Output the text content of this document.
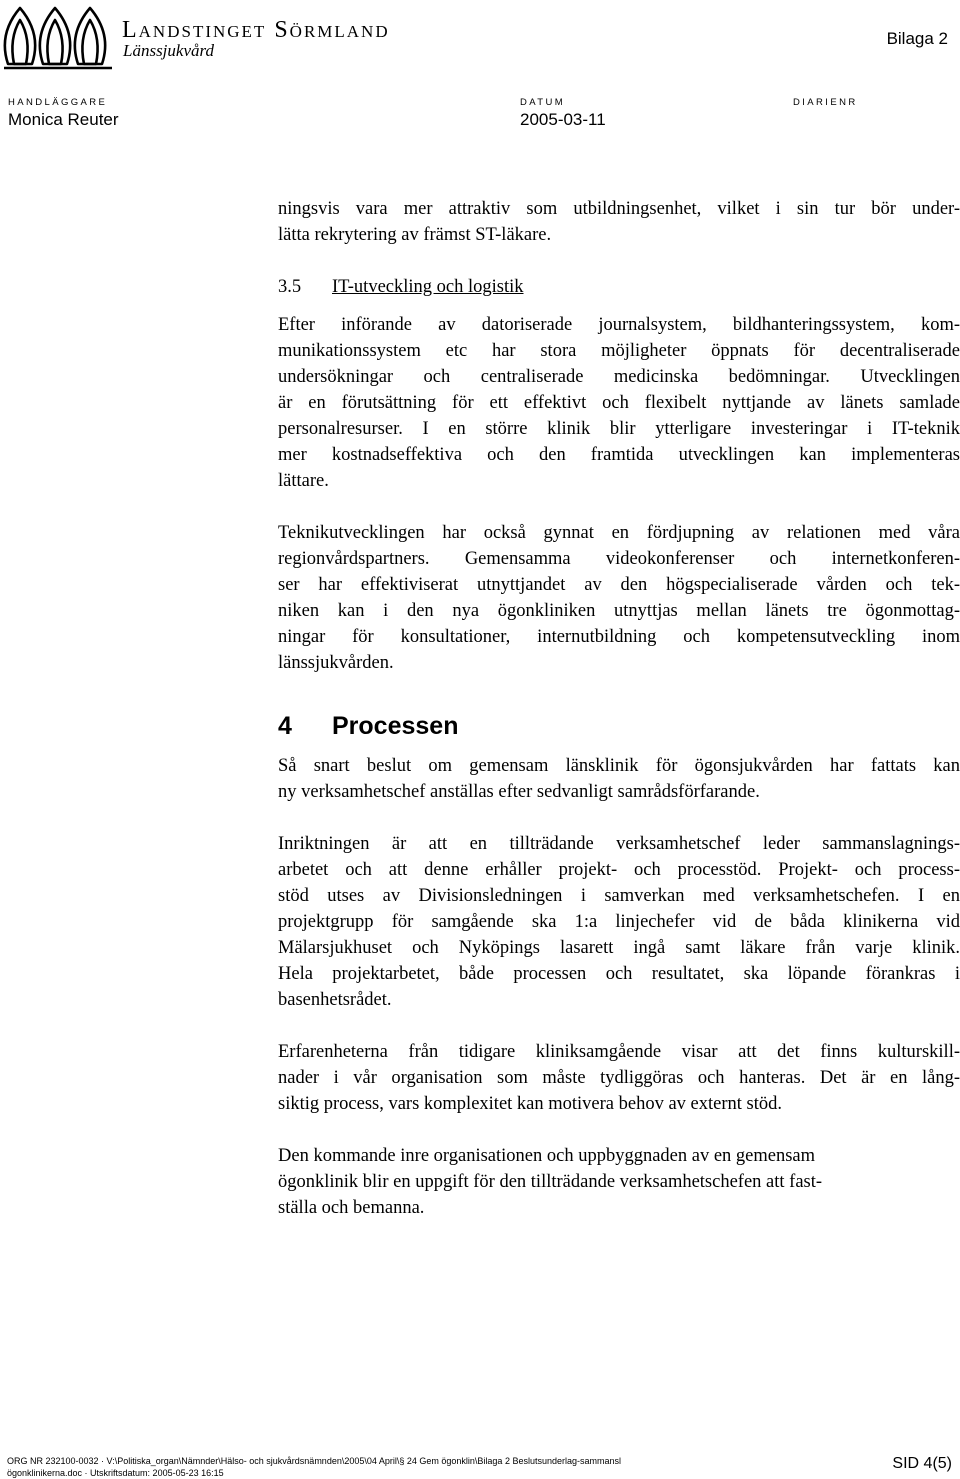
Landstinget Sörmland
Länssjukvård
Bilaga 2
HANDLÄGGARE
Monica Reuter
DATUM
2005-03-11
DIARIENR

ningsvis vara mer attraktiv som utbildningsenhet, vilket i sin tur bör under-
lätta rekrytering av främst ST-läkare.

3.5 IT-utveckling och logistik

Efter införande av datoriserade journalsystem, bildhanteringssystem, kom-
munikationssystem etc har stora möjligheter öppnats för decentraliserade
undersökningar och centraliserade medicinska bedömningar. Utvecklingen
är en förutsättning för ett effektivt och flexibelt nyttjande av länets samlade
personalresurser. I en större klinik blir ytterligare investeringar i IT-teknik
mer kostnadseffektiva och den framtida utvecklingen kan implementeras
lättare.

Teknikutvecklingen har också gynnat en fördjupning av relationen med våra
regionvårdspartners. Gemensamma videokonferenser och internetkonferen-
ser har effektiviserat utnyttjandet av den högspecialiserade vården och tek-
niken kan i den nya ögonkliniken utnyttjas mellan länets tre ögonmottag-
ningar för konsultationer, internutbildning och kompetensutveckling inom
länssjukvården.

4 Processen

Så snart beslut om gemensam länsklinik för ögonsjukvården har fattats kan
ny verksamhetschef anställas efter sedvanligt samrådsförfarande.

Inriktningen är att en tillträdande verksamhetschef leder sammanslagnings-
arbetet och att denne erhåller projekt- och processtöd. Projekt- och process-
stöd utses av Divisionsledningen i samverkan med verksamhetschefen. I en
projektgrupp för samgående ska 1:a linjechefer vid de båda klinikerna vid
Mälarsjukhuset och Nyköpings lasarett ingå samt läkare från varje klinik.
Hela projektarbetet, både processen och resultatet, ska löpande förankras i
basenhetsrådet.

Erfarenheterna från tidigare kliniksamgående visar att det finns kulturskill-
nader i vår organisation som måste tydliggöras och hanteras. Det är en lång-
siktig process, vars komplexitet kan motivera behov av externt stöd.

Den kommande inre organisationen och uppbyggnaden av en gemensam
ögonklinik blir en uppgift för den tillträdande verksamhetschefen att fast-
ställa och bemanna.

ORG NR 232100-0032 · V:\Politiska_organ\Nämnder\Hälso- och sjukvårdsnämnden\2005\04 April\§ 24 Gem ögonklin\Bilaga 2 Beslutsunderlag-sammansl
ögonklinikerna.doc · Utskriftsdatum: 2005-05-23 16:15
SID 4(5)
